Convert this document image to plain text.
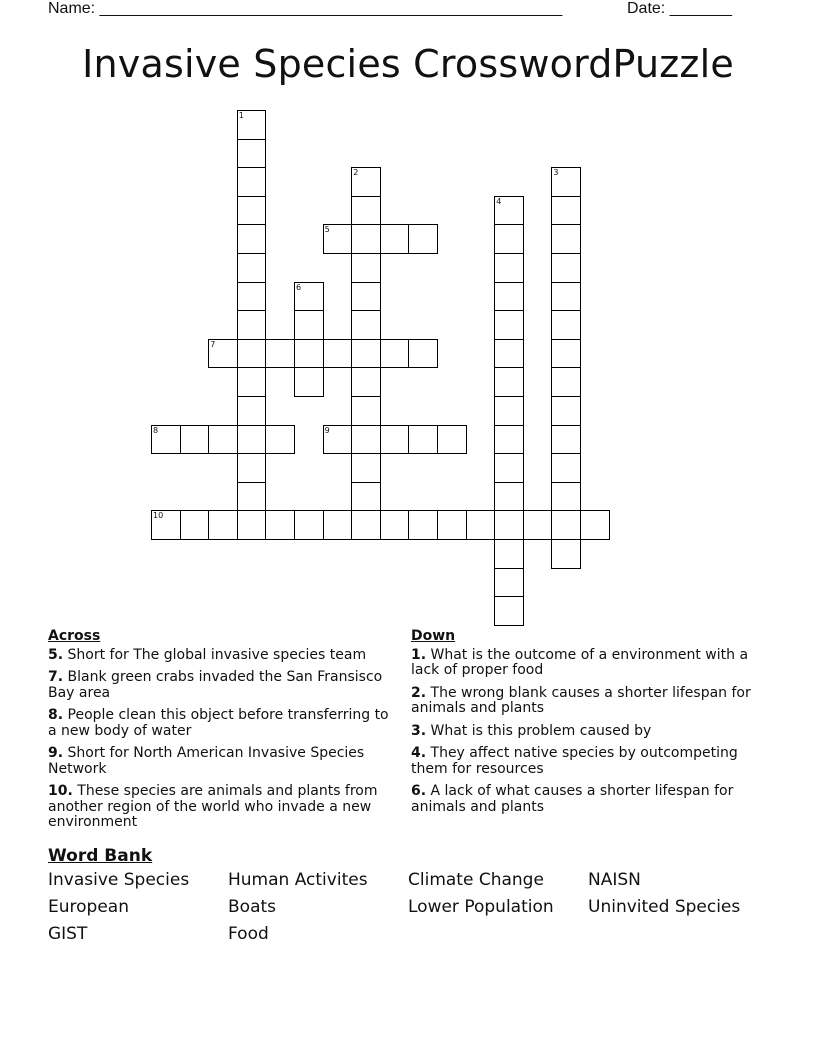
Name: ____________________________________________________	Date: _______
Invasive Species CrosswordPuzzle
1
2	3
4
5
6
7
8	9
10
Across
5. Short for The global invasive species team
7. Blank green crabs invaded the San Fransisco Bay area
8. People clean this object before transferring to a new body of water
9. Short for North American Invasive Species Network
10. These species are animals and plants from another region of the world who invade a new environment
Down
1. What is the outcome of a environment with a lack of proper food
2. The wrong blank causes a shorter lifespan for animals and plants
3. What is this problem caused by
4. They affect native species by outcompeting them for resources
6. A lack of what causes a shorter lifespan for animals and plants
Word Bank
Invasive Species	Human Activites	Climate Change	NAISN
European	Boats	Lower Population	Uninvited Species
GIST	Food
